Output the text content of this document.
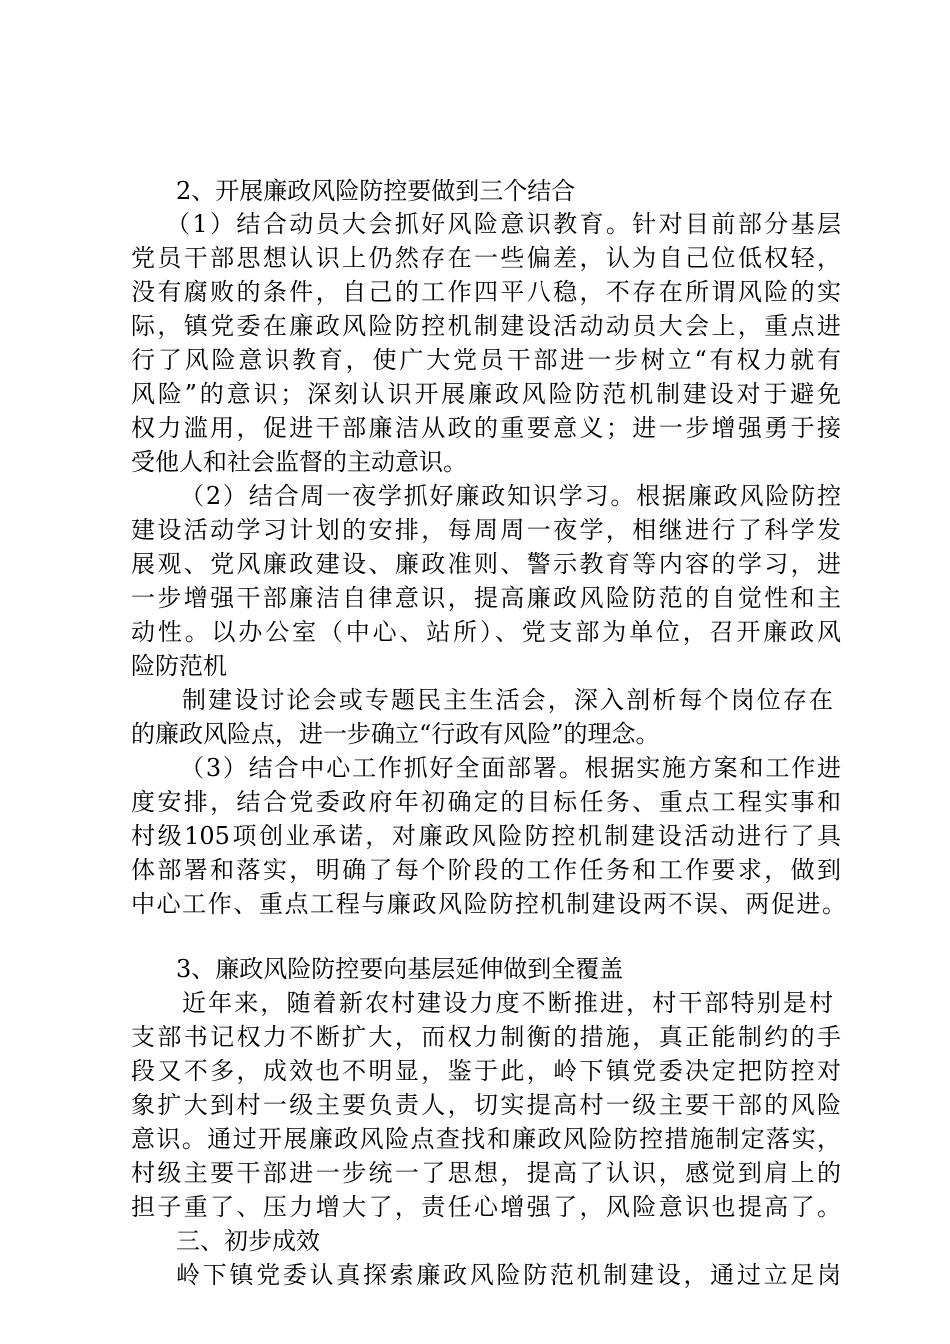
2、开展廉政风险防控要做到三个结合
（1）结合动员大会抓好风险意识教育。针对目前部分基层
党员干部思想认识上仍然存在一些偏差，认为自己位低权轻，
没有腐败的条件，自己的工作四平八稳，不存在所谓风险的实
际，镇党委在廉政风险防控机制建设活动动员大会上，重点进
行了风险意识教育，使广大党员干部进一步树立“有权力就有
风险”的意识；深刻认识开展廉政风险防范机制建设对于避免
权力滥用，促进干部廉洁从政的重要意义；进一步增强勇于接
受他人和社会监督的主动意识。
（2）结合周一夜学抓好廉政知识学习。根据廉政风险防控
建设活动学习计划的安排，每周周一夜学，相继进行了科学发
展观、党风廉政建设、廉政准则、警示教育等内容的学习，进
一步增强干部廉洁自律意识，提高廉政风险防范的自觉性和主
动性。以办公室（中心、站所）、党支部为单位，召开廉政风
险防范机
制建设讨论会或专题民主生活会，深入剖析每个岗位存在
的廉政风险点，进一步确立“行政有风险”的理念。
（3）结合中心工作抓好全面部署。根据实施方案和工作进
度安排，结合党委政府年初确定的目标任务、重点工程实事和
村级105项创业承诺，对廉政风险防控机制建设活动进行了具
体部署和落实，明确了每个阶段的工作任务和工作要求，做到
中心工作、重点工程与廉政风险防控机制建设两不误、两促进。
3、廉政风险防控要向基层延伸做到全覆盖
近年来，随着新农村建设力度不断推进，村干部特别是村
支部书记权力不断扩大，而权力制衡的措施，真正能制约的手
段又不多，成效也不明显，鉴于此，岭下镇党委决定把防控对
象扩大到村一级主要负责人，切实提高村一级主要干部的风险
意识。通过开展廉政风险点查找和廉政风险防控措施制定落实，
村级主要干部进一步统一了思想，提高了认识，感觉到肩上的
担子重了、压力增大了，责任心增强了，风险意识也提高了。
三、初步成效
岭下镇党委认真探索廉政风险防范机制建设，通过立足岗
